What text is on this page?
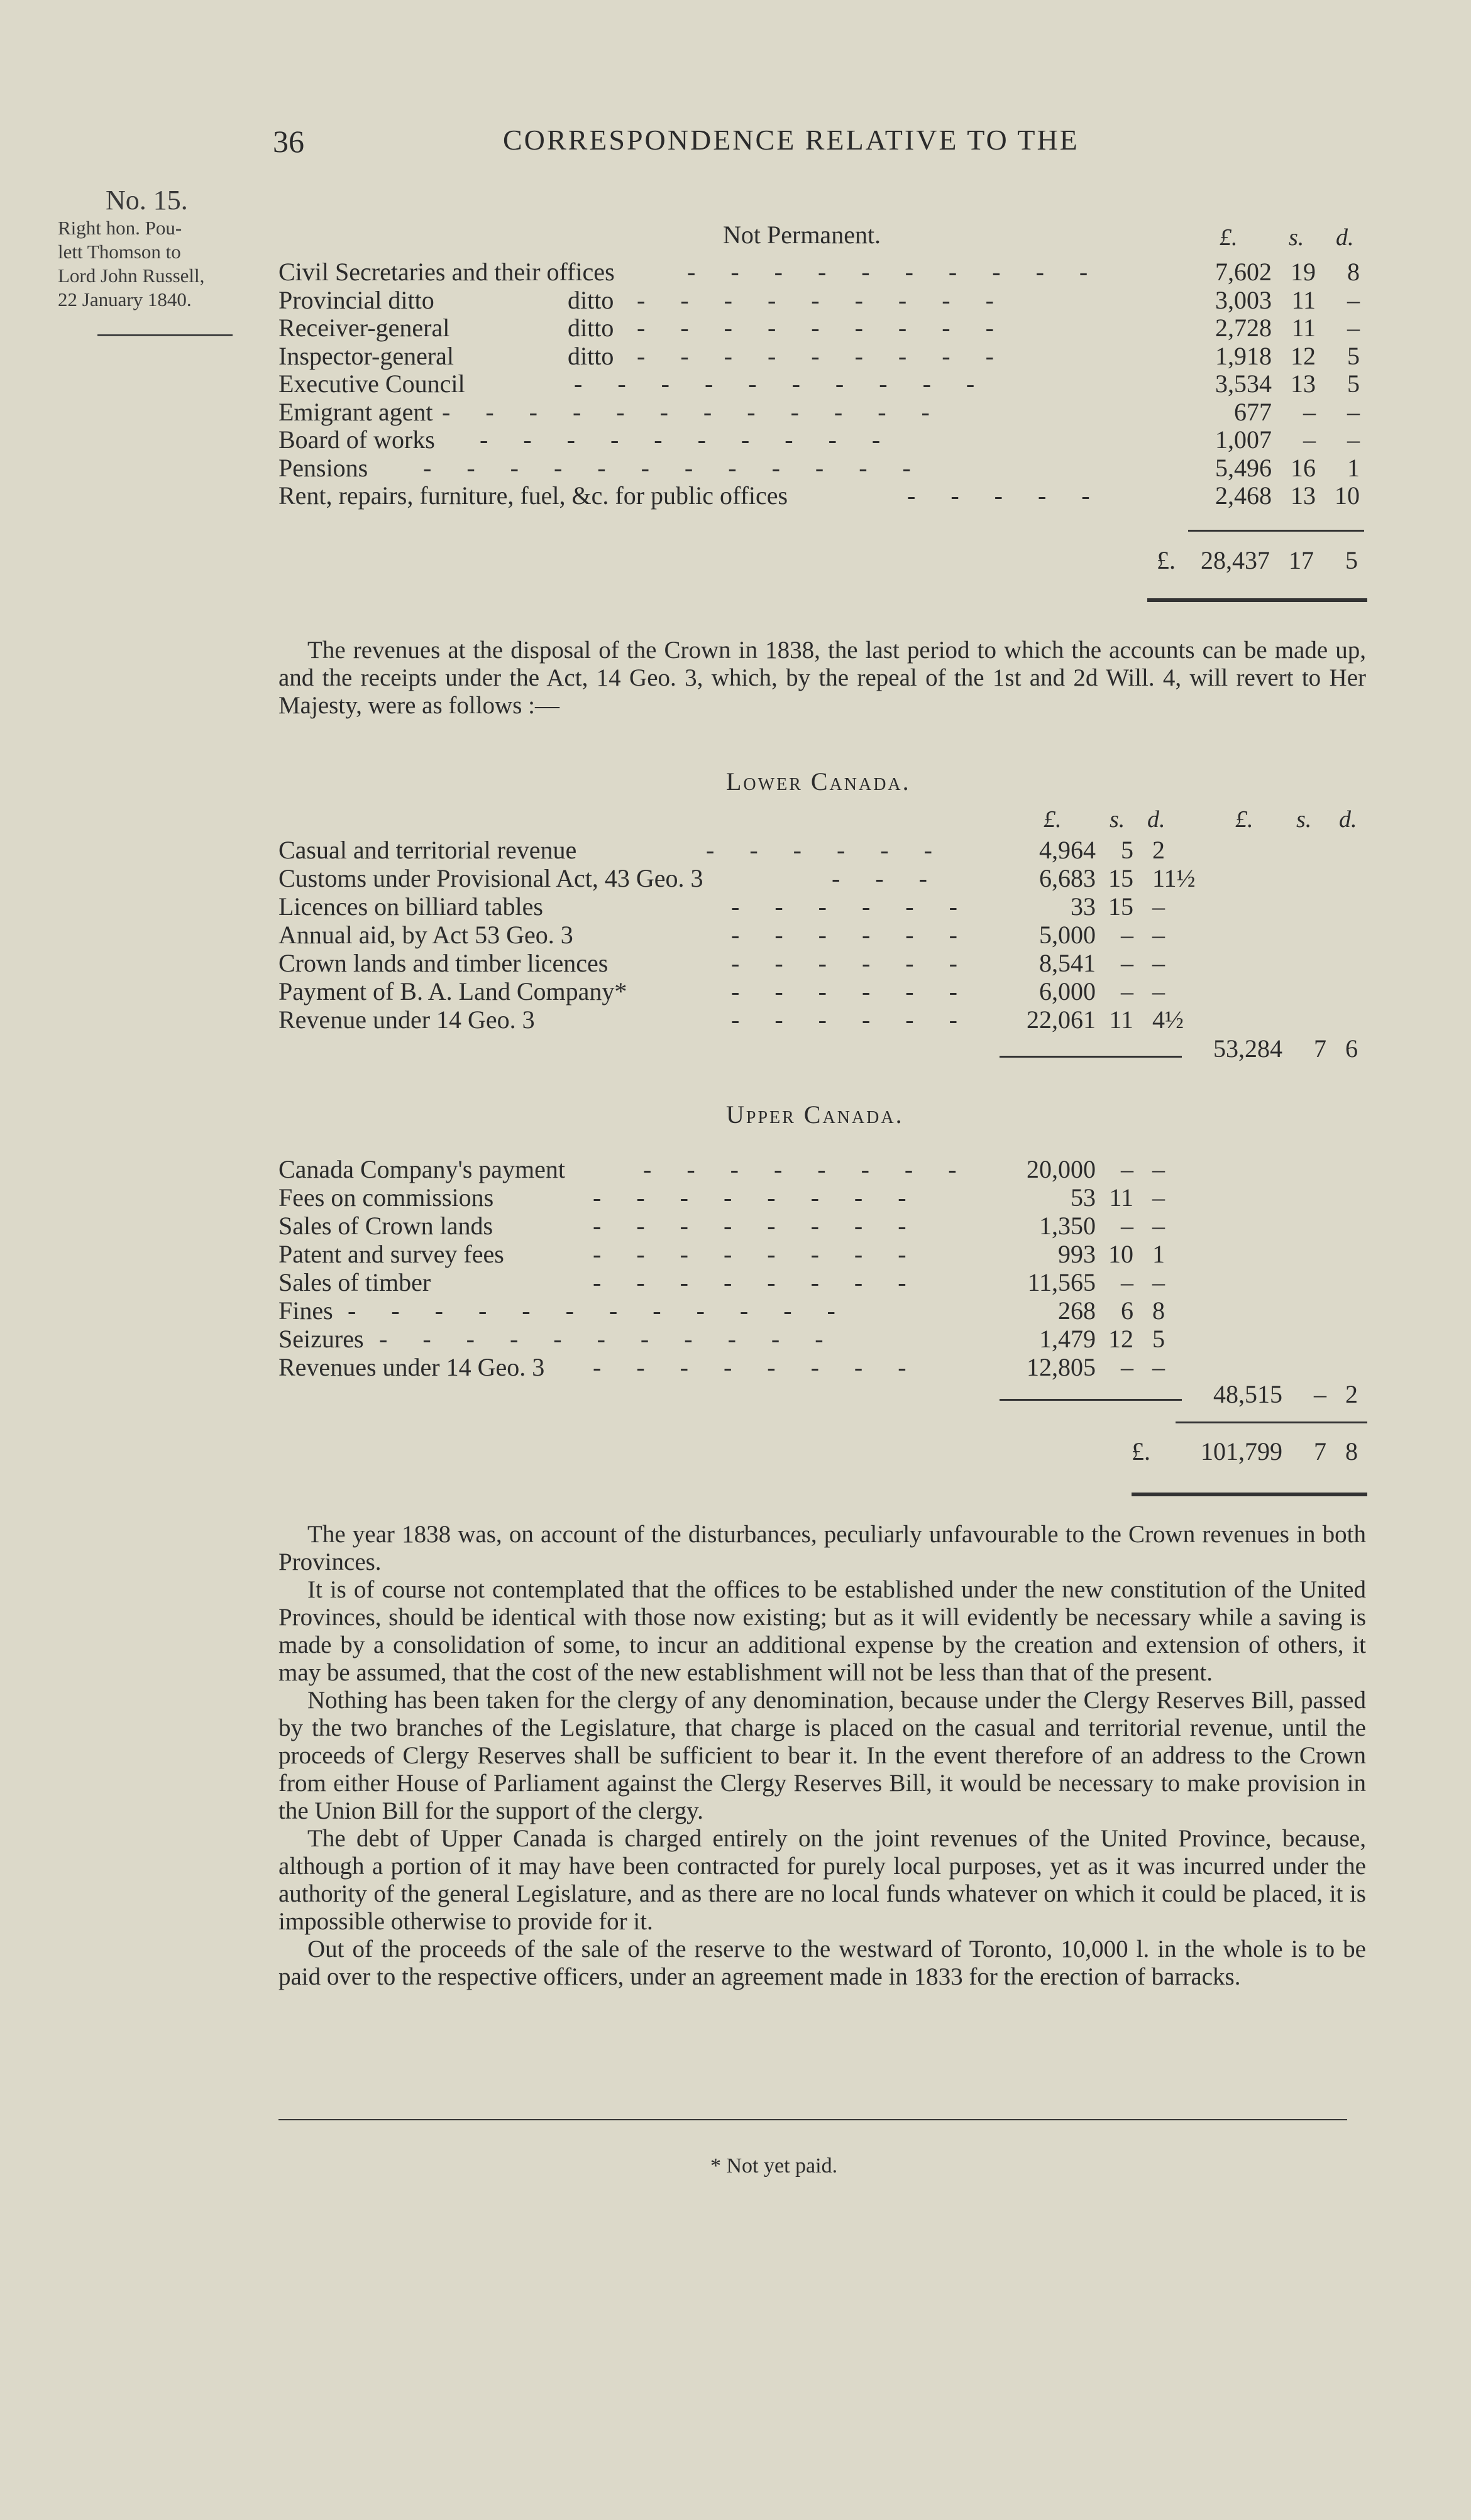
36	CORRESPONDENCE RELATIVE TO THE
No. 15.
Right hon. Pou-
lett Thomson to
Lord John Russell,
22 January 1840.
Not Permanent.	£. s. d.
Civil Secretaries and their offices	- - - - - - - - - -	7,602 19	8
Provincial ditto	ditto - - - - - - - - -	3,003 11	–
Receiver-general	ditto - - - - - - - - -	2,728 11	–
Inspector-general	ditto - - - - - - - - -	1,918 12	5
Executive Council	- - - - - - - - - -	3,534 13	5
Emigrant agent - - - - - - - - - - - -	677	–	–
Board of works - - - - - - - - - -	1,007	–	–
Pensions - - - - - - - - - - - -	5,496 16	1
Rent, repairs, furniture, fuel, &c. for public offices	- - - - -	2,468 13 10
£.	28,437 17	5

The revenues at the disposal of the Crown in 1838, the last period to which the accounts can be made up, and the receipts under the Act, 14 Geo. 3, which, by the repeal of the 1st and 2d Will. 4, will revert to Her Majesty, were as follows :—

Lower Canada.
£. s. d.	£. s. d.
Casual and territorial revenue	- - - - - -	4,964	5 2
Customs under Provisional Act, 43 Geo. 3	- - -	6,683 15 11½
Licences on billiard tables	- - - - - -	33 15 –
Annual aid, by Act 53 Geo. 3	- - - - - -	5,000	– –
Crown lands and timber licences	- - - - - -	8,541	– –
Payment of B. A. Land Company*	- - - - - -	6,000	– –
Revenue under 14 Geo. 3	- - - - - -	22,061 11 4½
53,284	7 6
Upper Canada.
Canada Company's payment	- - - - - - - -	20,000	– –
Fees on commissions	- - - - - - - -	53 11 –
Sales of Crown lands	- - - - - - - -	1,350	– –
Patent and survey fees	- - - - - - - -	993 10 1
Sales of timber	- - - - - - - -	11,565	– –
Fines - - - - - - - - - - - -	268	6 8
Seizures - - - - - - - - - - -	1,479 12 5
Revenues under 14 Geo. 3 - - - - - - - -	12,805	– –
48,515	– 2
£.	101,799	7 8

The year 1838 was, on account of the disturbances, peculiarly unfavourable to the Crown revenues in both Provinces.

It is of course not contemplated that the offices to be established under the new constitution of the United Provinces, should be identical with those now existing; but as it will evidently be necessary while a saving is made by a consolidation of some, to incur an additional expense by the creation and extension of others, it may be assumed, that the cost of the new establishment will not be less than that of the present.

Nothing has been taken for the clergy of any denomination, because under the Clergy Reserves Bill, passed by the two branches of the Legislature, that charge is placed on the casual and territorial revenue, until the proceeds of Clergy Reserves shall be sufficient to bear it. In the event therefore of an address to the Crown from either House of Parliament against the Clergy Reserves Bill, it would be necessary to make provision in the Union Bill for the support of the clergy.

The debt of Upper Canada is charged entirely on the joint revenues of the United Province, because, although a portion of it may have been contracted for purely local purposes, yet as it was incurred under the authority of the general Legislature, and as there are no local funds whatever on which it could be placed, it is impossible otherwise to provide for it.

Out of the proceeds of the sale of the reserve to the westward of Toronto, 10,000 l. in the whole is to be paid over to the respective officers, under an agreement made in 1833 for the erection of barracks.

* Not yet paid.
